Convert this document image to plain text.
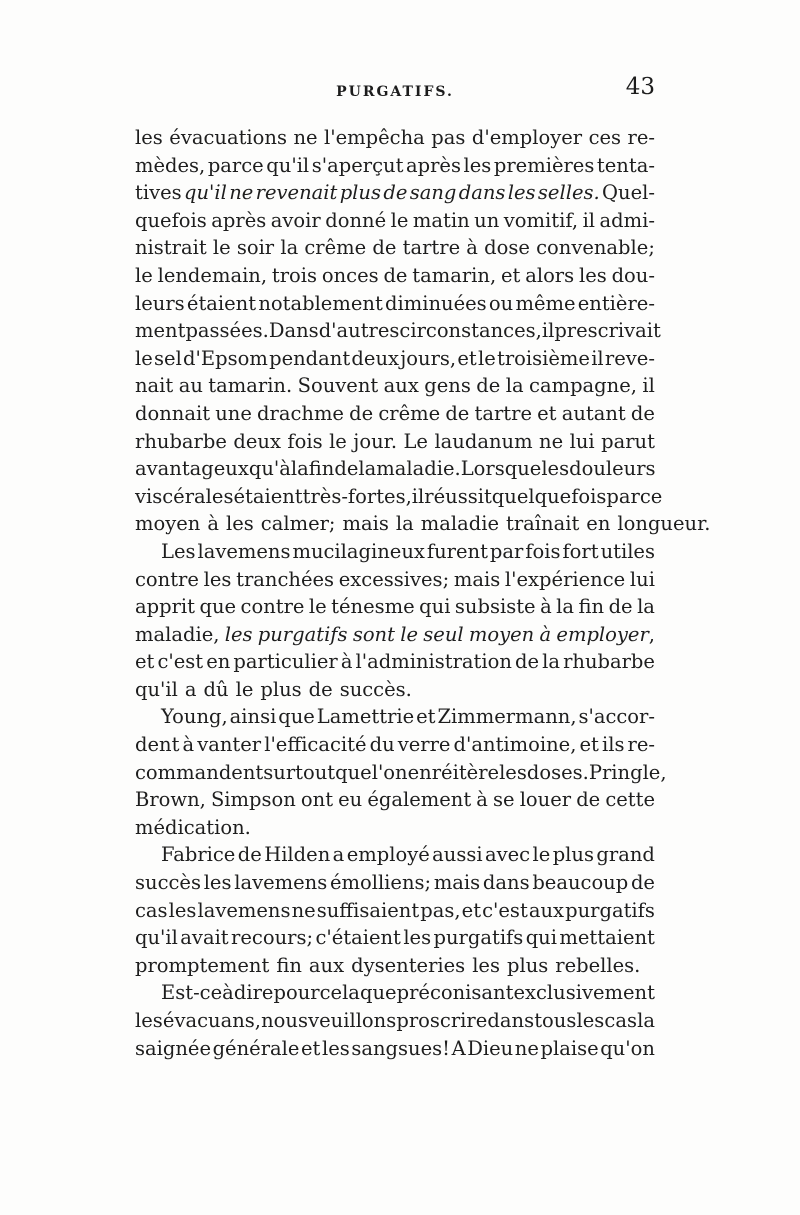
PURGATIFS.	43
les évacuations ne l'empêcha pas d'employer ces re-
mèdes, parce qu'il s'aperçut après les premières tenta-
tives qu'il ne revenait plus de sang dans les selles. Quel-
quefois après avoir donné le matin un vomitif, il admi-
nistrait le soir la crême de tartre à dose convenable;
le lendemain, trois onces de tamarin, et alors les dou-
leurs étaient notablement diminuées ou même entière-
ment passées. Dans d'autres circonstances, il prescrivait
le sel d'Epsom pendant deux jours, et le troisième il reve-
nait au tamarin. Souvent aux gens de la campagne, il
donnait une drachme de crême de tartre et autant de
rhubarbe deux fois le jour. Le laudanum ne lui parut
avantageux qu'à la fin de la maladie. Lorsque les douleurs
viscérales étaient très-fortes, il réussit quelquefois par ce
moyen à les calmer; mais la maladie traînait en longueur.
Les lavemens mucilagineux furent par fois fort utiles
contre les tranchées excessives; mais l'expérience lui
apprit que contre le ténesme qui subsiste à la fin de la
maladie, les purgatifs sont le seul moyen à employer,
et c'est en particulier à l'administration de la rhubarbe
qu'il a dû le plus de succès.
Young, ainsi que Lamettrie et Zimmermann, s'accor-
dent à vanter l'efficacité du verre d'antimoine, et ils re-
commandent surtout que l'on en réitère les doses. Pringle,
Brown, Simpson ont eu également à se louer de cette
médication.
Fabrice de Hilden a employé aussi avec le plus grand
succès les lavemens émolliens; mais dans beaucoup de
cas les lavemens ne suffisaient pas, et c'est aux purgatifs
qu'il avait recours; c'étaient les purgatifs qui mettaient
promptement fin aux dysenteries les plus rebelles.
Est-ce à dire pour cela que préconisant exclusivement
les évacuans, nous veuillons proscrire dans tous les cas la
saignée générale et les sangsues! A Dieu ne plaise qu'on
